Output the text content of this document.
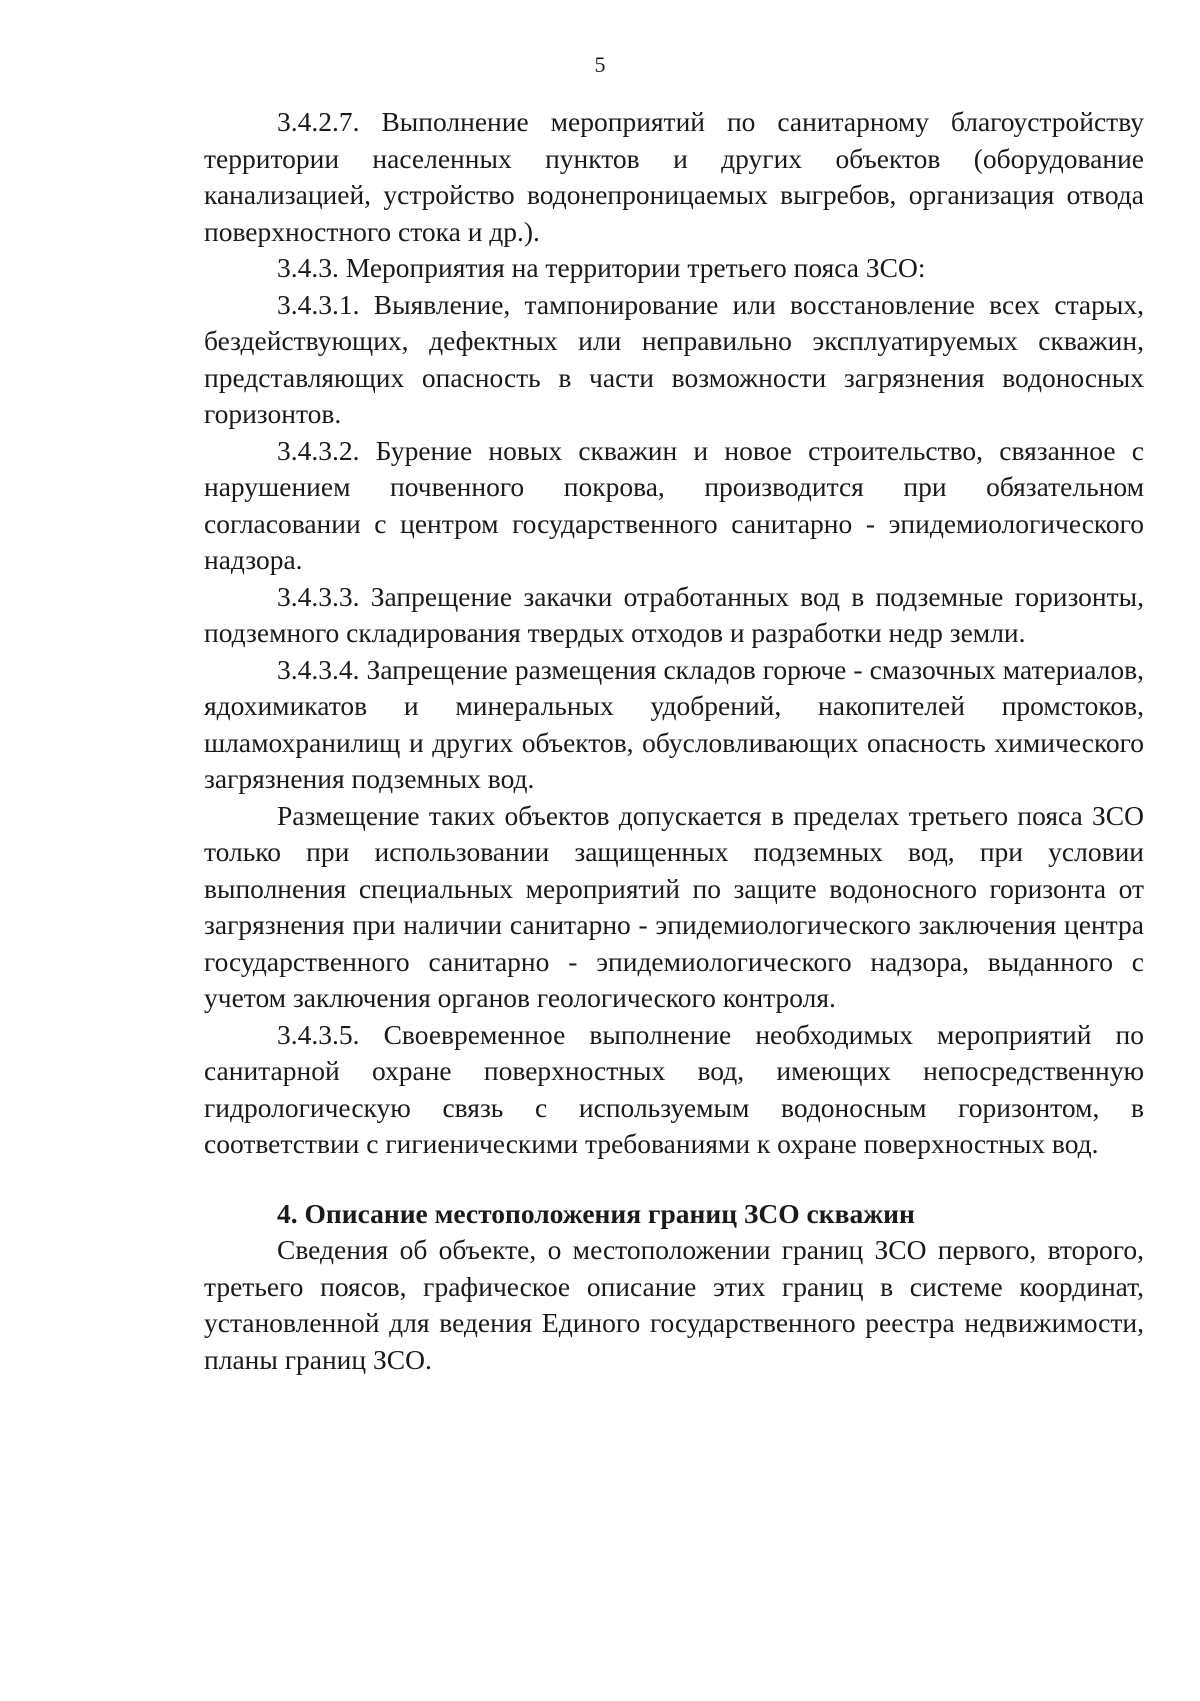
5

3.4.2.7. Выполнение мероприятий по санитарному благоустройству территории населенных пунктов и других объектов (оборудование канализацией, устройство водонепроницаемых выгребов, организация отвода поверхностного стока и др.).

3.4.3. Мероприятия на территории третьего пояса ЗСО:

3.4.3.1. Выявление, тампонирование или восстановление всех старых, бездействующих, дефектных или неправильно эксплуатируемых скважин, представляющих опасность в части возможности загрязнения водоносных горизонтов.

3.4.3.2. Бурение новых скважин и новое строительство, связанное с нарушением почвенного покрова, производится при обязательном согласовании с центром государственного санитарно - эпидемиологического надзора.

3.4.3.3. Запрещение закачки отработанных вод в подземные горизонты, подземного складирования твердых отходов и разработки недр земли.

3.4.3.4. Запрещение размещения складов горюче - смазочных материалов, ядохимикатов и минеральных удобрений, накопителей промстоков, шламохранилищ и других объектов, обусловливающих опасность химического загрязнения подземных вод.

Размещение таких объектов допускается в пределах третьего пояса ЗСО только при использовании защищенных подземных вод, при условии выполнения специальных мероприятий по защите водоносного горизонта от загрязнения при наличии санитарно - эпидемиологического заключения центра государственного санитарно - эпидемиологического надзора, выданного с учетом заключения органов геологического контроля.

3.4.3.5. Своевременное выполнение необходимых мероприятий по санитарной охране поверхностных вод, имеющих непосредственную гидрологическую связь с используемым водоносным горизонтом, в соответствии с гигиеническими требованиями к охране поверхностных вод.

4. Описание местоположения границ ЗСО скважин

Сведения об объекте, о местоположении границ ЗСО первого, второго, третьего поясов, графическое описание этих границ в системе координат, установленной для ведения Единого государственного реестра недвижимости, планы границ ЗСО.
